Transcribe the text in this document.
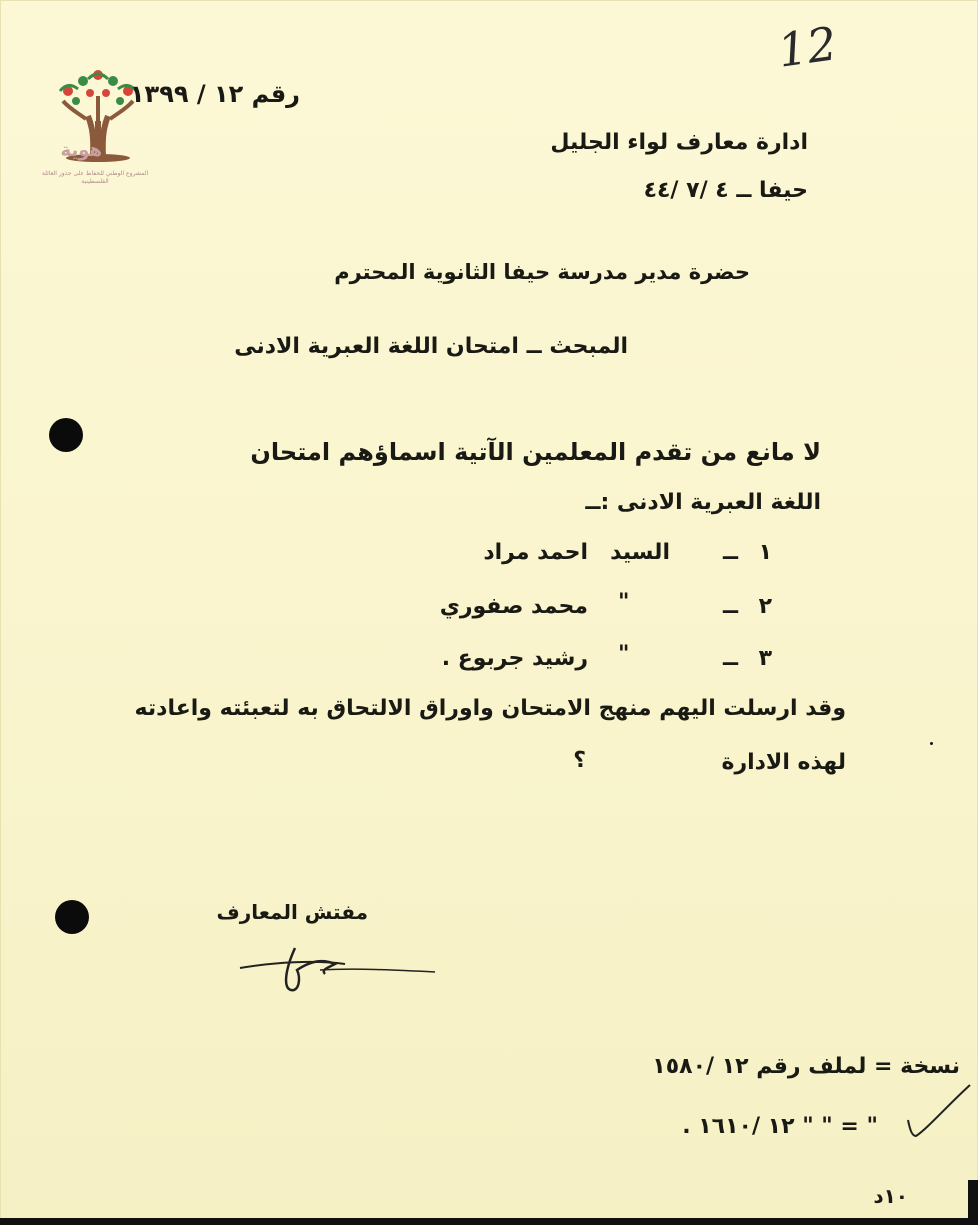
هوية
المشروع الوطني للحفاظ على جذور العائلة الفلسطينية
12
رقم ١٢ / ١٣٩٩
ادارة معارف لواء الجليل
حيفا ــ ٤ /٧ /٤٤
حضرة مدير مدرسة حيفا الثانوية المحترم
المبحث ــ امتحان اللغة العبرية الادنى
لا مانع من تقدم المعلمين الآتية اسماؤهم امتحان
اللغة العبرية الادنى :ــ
١
ــ
السيد
احمد مراد
٢
ــ
"
محمد صفوري
٣
ــ
"
رشيد جربوع .
وقد ارسلت اليهم منهج الامتحان واوراق الالتحاق به لتعبئته واعادته
لهذه الادارة
؟
مفتش المعارف
نسخة = لملف رقم ١٢ /١٥٨٠
" = " " ١٢ /١٦١٠ .
١٠د
